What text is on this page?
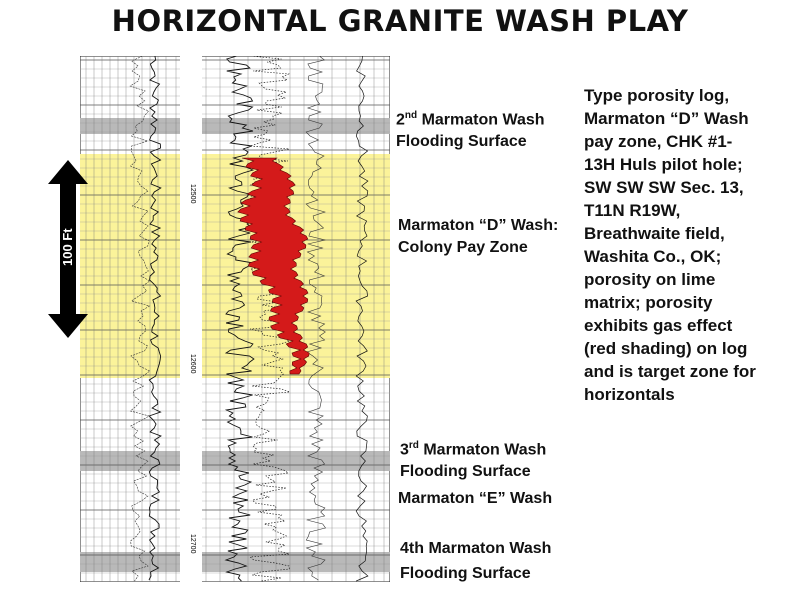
HORIZONTAL GRANITE WASH PLAY
12500
12600
12700
100 Ft
2nd Marmaton Wash
Flooding Surface
Marmaton “D” Wash:
Colony Pay Zone
3rd Marmaton Wash
Flooding Surface
Marmaton “E” Wash
4th Marmaton Wash
Flooding Surface
Type porosity log,
Marmaton “D” Wash
pay zone, CHK #1-
13H Huls pilot hole;
SW SW SW Sec. 13,
T11N R19W,
Breathwaite field,
Washita Co., OK;
porosity on lime
matrix; porosity
exhibits gas effect
(red shading) on log
and is target zone for
horizontals
